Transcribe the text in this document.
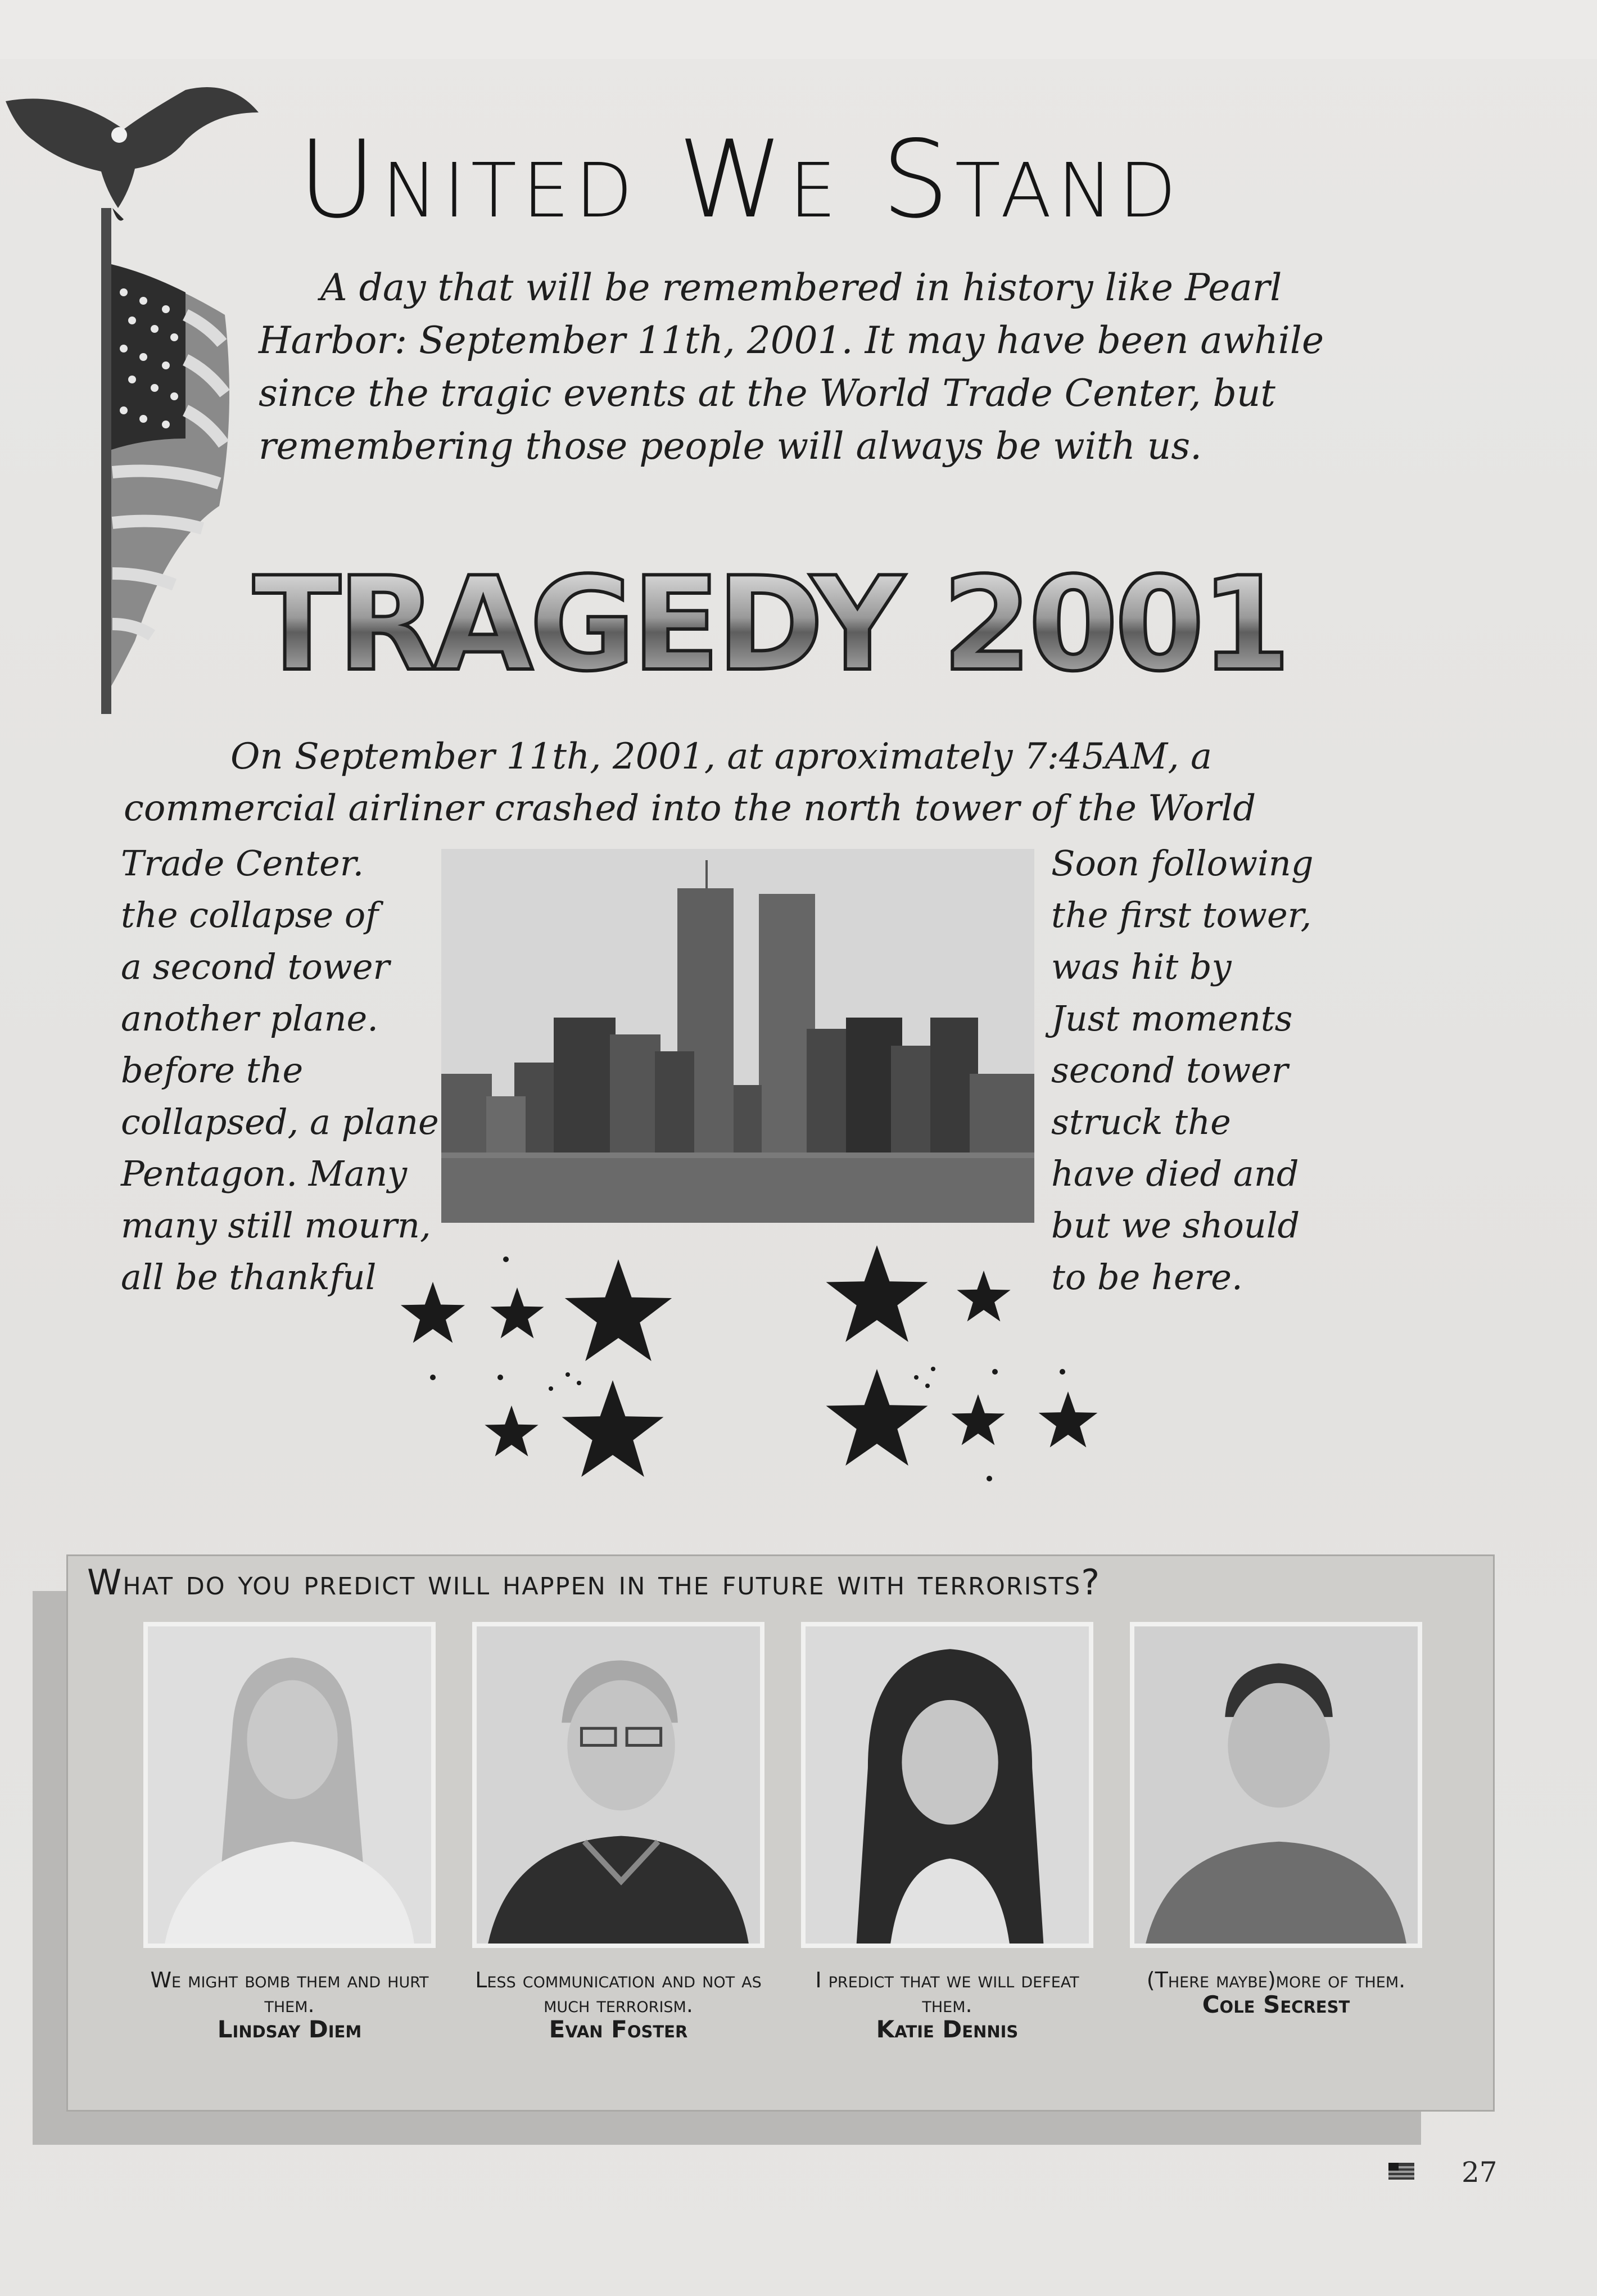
United We Stand
A day that will be remembered in history like Pearl
Harbor: September 11th, 2001. It may have been awhile
since the tragic events at the World Trade Center, but
remembering those people will always be with us.
TRAGEDY 2001
On September 11th, 2001, at aproximately 7:45AM, a
commercial airliner crashed into the north tower of the World
Trade Center.
the collapse of
a second tower
another plane.
before the
collapsed, a plane
Pentagon. Many
many still mourn,
all be thankful
Soon following
the first tower,
was hit by
Just moments
second tower
struck the
have died and
but we should
to be here.
What do you predict will happen in the future with terrorists?
We might bomb them and hurt them.
Lindsay Diem
Less communication and not as much terrorism.
Evan Foster
I predict that we will defeat them.
Katie Dennis
(There maybe)more of them.
Cole Secrest
27
